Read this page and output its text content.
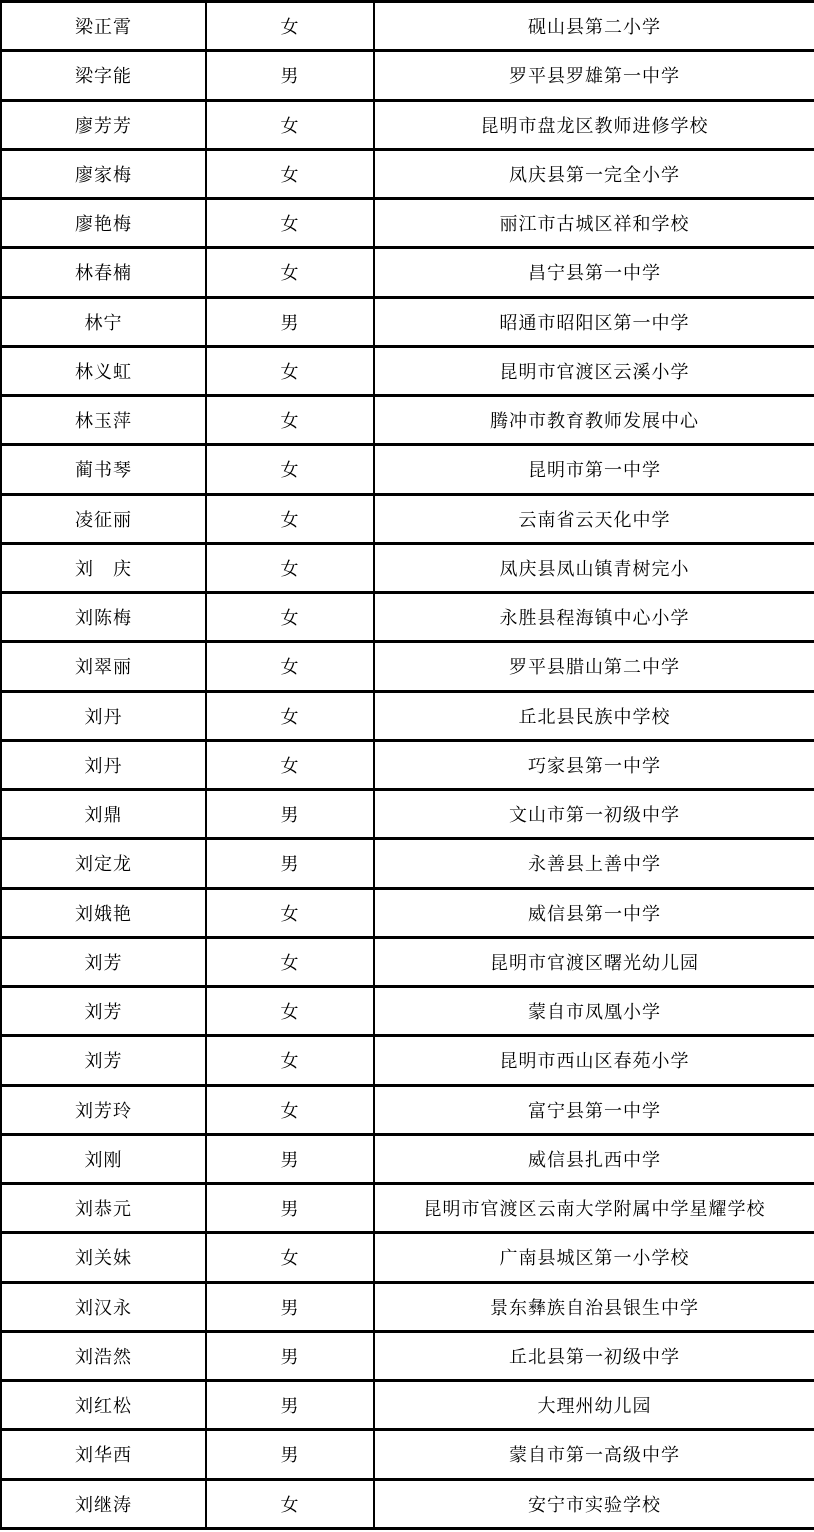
梁正霄	女	砚山县第二小学
梁字能	男	罗平县罗雄第一中学
廖芳芳	女	昆明市盘龙区教师进修学校
廖家梅	女	凤庆县第一完全小学
廖艳梅	女	丽江市古城区祥和学校
林春楠	女	昌宁县第一中学
林宁	男	昭通市昭阳区第一中学
林义虹	女	昆明市官渡区云溪小学
林玉萍	女	腾冲市教育教师发展中心
蔺书琴	女	昆明市第一中学
凌征丽	女	云南省云天化中学
刘　庆	女	凤庆县凤山镇青树完小
刘陈梅	女	永胜县程海镇中心小学
刘翠丽	女	罗平县腊山第二中学
刘丹	女	丘北县民族中学校
刘丹	女	巧家县第一中学
刘鼎	男	文山市第一初级中学
刘定龙	男	永善县上善中学
刘娥艳	女	威信县第一中学
刘芳	女	昆明市官渡区曙光幼儿园
刘芳	女	蒙自市凤凰小学
刘芳	女	昆明市西山区春苑小学
刘芳玲	女	富宁县第一中学
刘刚	男	威信县扎西中学
刘恭元	男	昆明市官渡区云南大学附属中学星耀学校
刘关妹	女	广南县城区第一小学校
刘汉永	男	景东彝族自治县银生中学
刘浩然	男	丘北县第一初级中学
刘红松	男	大理州幼儿园
刘华西	男	蒙自市第一高级中学
刘继涛	女	安宁市实验学校
